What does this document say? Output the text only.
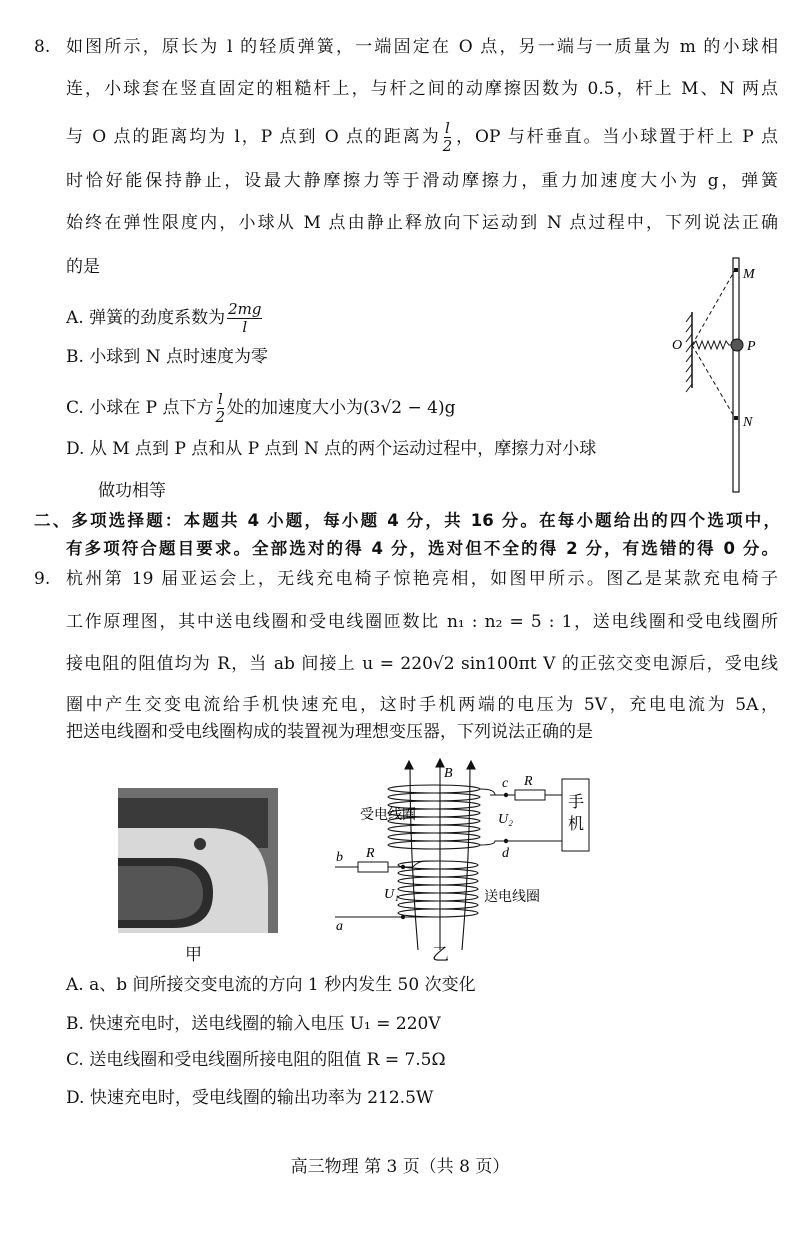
8. 如图所示，原长为 l 的轻质弹簧，一端固定在 O 点，另一端与一质量为 m 的小球相
连，小球套在竖直固定的粗糙杆上，与杆之间的动摩擦因数为 0.5，杆上 M、N 两点
与 O 点的距离均为 l，P 点到 O 点的距离为 $\frac{l}{2}$ ，OP 与杆垂直。当小球置于杆上 P 点
时恰好能保持静止，设最大静摩擦力等于滑动摩擦力，重力加速度大小为 g，弹簧
始终在弹性限度内，小球从 M 点由静止释放向下运动到 N 点过程中，下列说法正确
的是
A. 弹簧的劲度系数为 $\frac{2mg}{l}$
B. 小球到 N 点时速度为零
C. 小球在 P 点下方 $\frac{l}{2}$ 处的加速度大小为(3√2 − 4)g
D. 从 M 点到 P 点和从 P 点到 N 点的两个运动过程中，摩擦力对小球
做功相等
M
O	P
N
二、多项选择题：本题共 4 小题，每小题 4 分，共 16 分。在每小题给出的四个选项中，
有多项符合题目要求。全部选对的得 4 分，选对但不全的得 2 分，有选错的得 0 分。
9. 杭州第 19 届亚运会上，无线充电椅子惊艳亮相，如图甲所示。图乙是某款充电椅子
工作原理图，其中送电线圈和受电线圈匝数比 n₁ : n₂ = 5 : 1，送电线圈和受电线圈所
接电阻的阻值均为 R，当 ab 间接上 u = 220√2 sin100πt V 的正弦交变电源后，受电线
圈中产生交变电流给手机快速充电，这时手机两端的电压为 5V，充电电流为 5A，
把送电线圈和受电线圈构成的装置视为理想变压器，下列说法正确的是
甲
B
手机
R
c
d
U₂
受电线圈
R
b
a
U₁	送电线圈
乙
A. a、b 间所接交变电流的方向 1 秒内发生 50 次变化
B. 快速充电时，送电线圈的输入电压 U₁ = 220V
C. 送电线圈和受电线圈所接电阻的阻值 R = 7.5Ω
D. 快速充电时，受电线圈的输出功率为 212.5W
高三物理 第 3 页（共 8 页）
